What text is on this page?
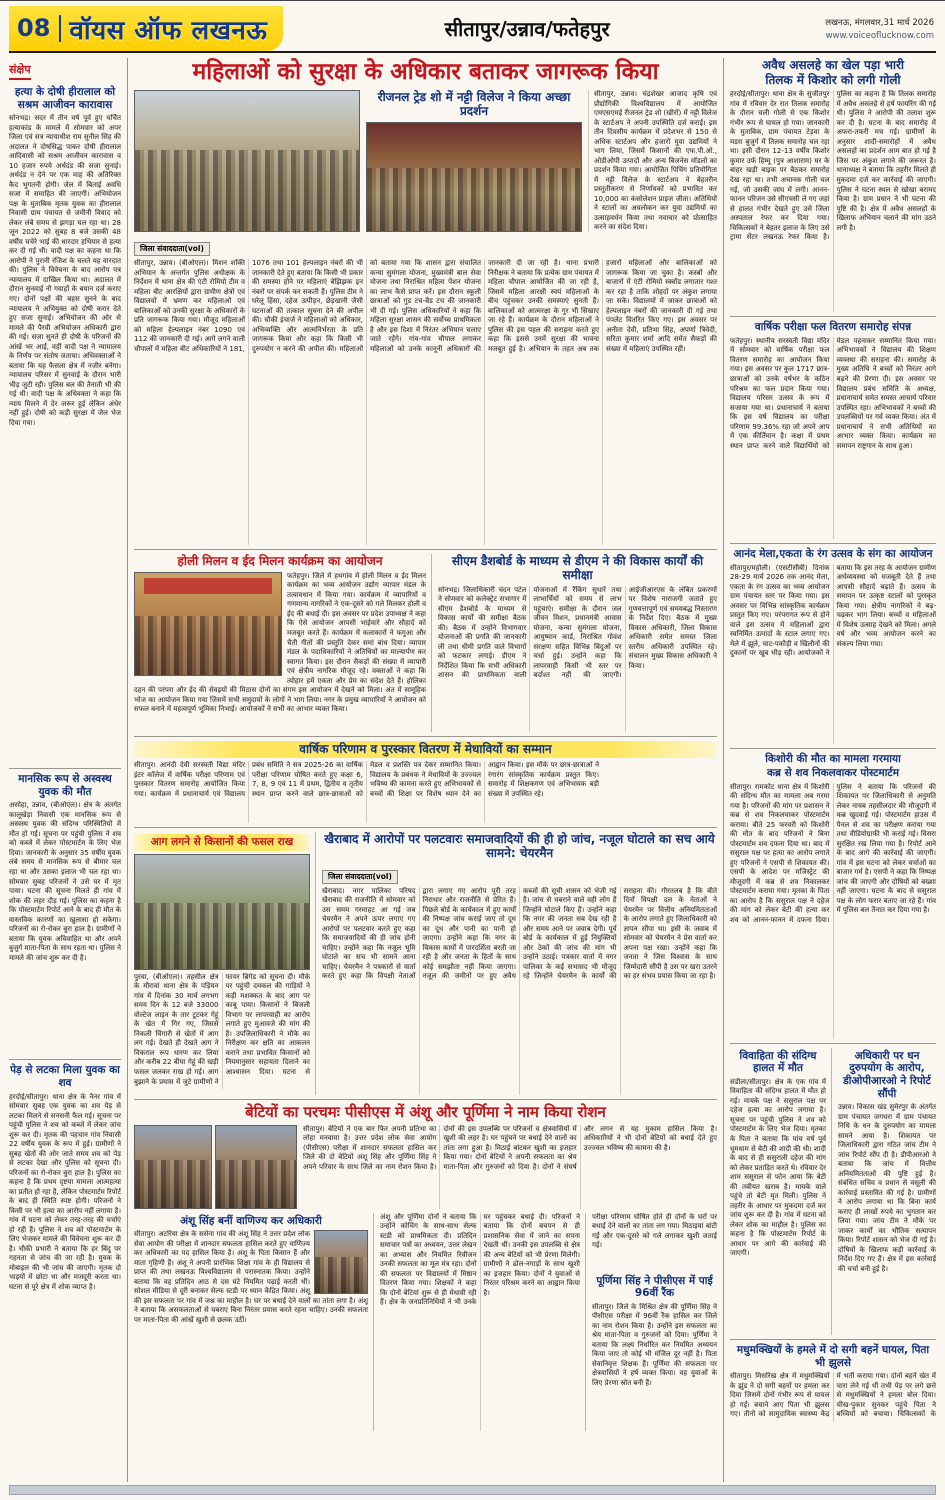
08 वॉयस ऑफ लखनऊ	सीतापुर/उन्नाव/फतेहपुर	लखनऊ, मंगलवार,31 मार्च 2026
www.voiceoflucknow.com
संक्षेप
हत्या के दोषी हीरालाल को सश्रम आजीवन कारावास

सोनभद्र। सदर में तीन वर्ष पूर्व हुए चर्चित हत्याकांड के मामले में सोमवार को अपर जिला एवं सत्र न्यायाधीश राम सुनील सिंह की अदालत ने दोषसिद्ध पाकर दोषी हीरालाल आदिवासी को सश्रम आजीवन कारावास व 10 हजार रुपये अर्थदंड की सजा सुनाई। अर्थदंड न देने पर एक माह की अतिरिक्त कैद भुगतनी होगी। जेल में बिताई अवधि सजा में समाहित की जाएगी। अभियोजन पक्ष के मुताबिक मृतक युवक का हीरालाल निवासी ग्राम पंचायत से जमीनी विवाद को लेकर लंबे समय से झगड़ा चल रहा था। 28 जून 2022 को सुबह 8 बजे उसकी 48 वर्षीय चचेरे भाई की धारदार हथियार से हत्या कर दी गई थी। वादी पक्ष का कहना था कि आरोपी ने पुरानी रंजिश के चलते यह वारदात की। पुलिस ने विवेचना के बाद आरोप पत्र न्यायालय में दाखिल किया था। अदालत में दौरान सुनवाई नौ गवाहों के बयान दर्ज कराए गए। दोनों पक्षों की बहस सुनने के बाद न्यायालय ने अभियुक्त को दोषी करार देते हुए सजा सुनाई। अभियोजन की ओर से मामले की पैरवी अभियोजन अधिकारी द्वारा की गई। सजा सुनते ही दोषी के परिजनों की आंखें भर आईं, वहीं वादी पक्ष ने न्यायालय के निर्णय पर संतोष जताया। अधिवक्ताओं ने बताया कि यह फैसला क्षेत्र में नजीर बनेगा। न्यायालय परिसर में सुनवाई के दौरान भारी भीड़ जुटी रही। पुलिस बल की तैनाती भी की गई थी। वादी पक्ष के अधिवक्ता ने कहा कि न्याय मिलने में देर जरूर हुई लेकिन अंधेर नहीं हुई। दोषी को कड़ी सुरक्षा में जेल भेज दिया गया।

मानसिक रूप से अस्वस्थ युवक की मौत

असोहा, उन्नाव, (बीओएल)। क्षेत्र के अंतर्गत कालूखेड़ा निवासी एक मानसिक रूप से अस्वस्थ युवक की संदिग्ध परिस्थितियों में मौत हो गई। सूचना पर पहुंची पुलिस ने शव को कब्जे में लेकर पोस्टमार्टम के लिए भेज दिया। जानकारी के अनुसार 35 वर्षीय युवक लंबे समय से मानसिक रूप से बीमार चल रहा था और उसका इलाज भी चल रहा था। सोमवार सुबह परिजनों ने उसे घर में मृत पाया। घटना की सूचना मिलते ही गांव में शोक की लहर दौड़ गई। पुलिस का कहना है कि पोस्टमार्टम रिपोर्ट आने के बाद ही मौत के वास्तविक कारणों का खुलासा हो सकेगा। परिजनों का रो-रोकर बुरा हाल है। ग्रामीणों ने बताया कि युवक अविवाहित था और अपने बुजुर्ग माता-पिता के साथ रहता था। पुलिस ने मामले की जांच शुरू कर दी है।

पेड़ से लटका मिला युवक का शव

हरदोई/सीतापुर। थाना क्षेत्र के नैनर गांव में सोमवार सुबह एक युवक का शव पेड़ से लटका मिलने से सनसनी फैल गई। सूचना पर पहुंची पुलिस ने शव को कब्जे में लेकर जांच शुरू कर दी। मृतक की पहचान गांव निवासी 22 वर्षीय युवक के रूप में हुई। ग्रामीणों ने सुबह खेतों की ओर जाते समय शव को पेड़ से लटका देखा और पुलिस को सूचना दी। परिजनों का रो-रोकर बुरा हाल है। पुलिस का कहना है कि प्रथम दृष्टया मामला आत्महत्या का प्रतीत हो रहा है, लेकिन पोस्टमार्टम रिपोर्ट के बाद ही स्थिति स्पष्ट होगी। परिजनों ने किसी पर भी हत्या का आरोप नहीं लगाया है। गांव में घटना को लेकर तरह-तरह की चर्चाएं हो रही हैं। पुलिस ने शव को पोस्टमार्टम के लिए भेजकर मामले की विवेचना शुरू कर दी है। चौकी प्रभारी ने बताया कि हर बिंदु पर गहनता से जांच की जा रही है। युवक के मोबाइल की भी जांच की जाएगी। मृतक दो भाइयों में छोटा था और मजदूरी करता था। घटना से पूरे क्षेत्र में शोक व्याप्त है।

महिलाओं को सुरक्षा के अधिकार बताकर जागरूक किया
रीजनल ट्रेड शो में नट्टी विलेज ने किया अच्छा प्रदर्शन

सीतापुर, उन्नाव। चंद्रशेखर आजाद कृषि एवं प्रौद्योगिकी विश्वविद्यालय में आयोजित एमएसएमई रीजनल ट्रेड शो (खीरों) में नट्टी विलेज के स्टार्टअप ने अपनी उपस्थिति दर्ज कराई। इस तीन दिवसीय कार्यक्रम में प्रदेशभर से 150 से अधिक स्टार्टअप और हजारों युवा उद्यमियों ने भाग लिया, जिसमें किसानों की एफ.पी.ओ., ओडीओपी उत्पादों और अन्य बिजनेस मॉडलों का प्रदर्शन किया गया। आयोजित पिचिंग प्रतियोगिता में नट्टी विलेज के स्टार्टअप ने बेहतरीन प्रस्तुतीकरण से निर्णायकों को प्रभावित कर 10,000 का कंसोलेशन प्राइज जीता। अतिथियों ने स्टालों का अवलोकन कर युवा उद्यमियों का उत्साहवर्धन किया तथा नवाचार को प्रोत्साहित करने का संदेश दिया।

जिला संवाददाता(vol)

सीतापुर, उन्नाव। (बीओएल)। मिशन शक्ति अभियान के अन्तर्गत पुलिस अधीक्षक के निर्देशन में थाना क्षेत्र की एंटी रोमियो टीम व महिला बीट आरक्षियों द्वारा ग्रामीण क्षेत्रों एवं विद्यालयों में भ्रमण कर महिलाओं एवं बालिकाओं को उनकी सुरक्षा के अधिकारों के प्रति जागरूक किया गया। मौजूद महिलाओं को महिला हेल्पलाइन नंबर 1090 एवं 112 की जानकारी दी गई। आगे लगने वाली चौपालों में महिला बीट अधिकारियों ने 181, 1076 तथा 101 हेल्पलाइन नंबरों की भी जानकारी देते हुए बताया कि किसी भी प्रकार की समस्या होने पर महिलाएं बेझिझक इन नंबरों पर संपर्क कर सकती हैं। पुलिस टीम ने घरेलू हिंसा, दहेज उत्पीड़न, छेड़खानी जैसी घटनाओं की तत्काल सूचना देने की अपील की। चौकी इंचार्ज ने महिलाओं को अधिकार, अभिव्यक्ति और आत्मनिर्भरता के प्रति जागरूक किया और कहा कि किसी भी दुरुपयोग न करने की अपील की। महिलाओं को बताया गया कि शासन द्वारा संचालित कन्या सुमंगला योजना, मुख्यमंत्री बाल सेवा योजना तथा निराश्रित महिला पेंशन योजना का लाभ कैसे प्राप्त करें। इस दौरान स्कूली छात्राओं को गुड टच-बैड टच की जानकारी भी दी गई। पुलिस अधिकारियों ने कहा कि महिला सुरक्षा शासन की सर्वोच्च प्राथमिकता है और इस दिशा में निरंतर अभियान चलाए जाते रहेंगे। गांव-गांव चौपाल लगाकर महिलाओं को उनके कानूनी अधिकारों की जानकारी दी जा रही है। थाना प्रभारी निरीक्षक ने बताया कि प्रत्येक ग्राम पंचायत में महिला चौपाल आयोजित की जा रही है, जिसमें महिला आरक्षी स्वयं महिलाओं के बीच पहुंचकर उनकी समस्याएं सुनती हैं। बालिकाओं को आत्मरक्षा के गुर भी सिखाए जा रहे हैं। कार्यक्रम के दौरान महिलाओं ने पुलिस की इस पहल की सराहना करते हुए कहा कि इससे उनमें सुरक्षा की भावना मजबूत हुई है। अभियान के तहत अब तक हजारों महिलाओं और बालिकाओं को जागरूक किया जा चुका है। कस्बों और बाजारों में एंटी रोमियो स्क्वॉड लगातार गश्त कर रहा है ताकि शोहदों पर अंकुश लगाया जा सके। विद्यालयों में जाकर छात्राओं को हेल्पलाइन नंबरों की जानकारी दी गई तथा पंपलेट वितरित किए गए। इस अवसर पर अनीता देवी, प्रतिभा सिंह, अपर्णा त्रिवेदी, सरिता कुमार शर्मा आदि समेत सैकड़ों की संख्या में महिलाएं उपस्थित रहीं।

होली मिलन व ईद मिलन कार्यक्रम का आयोजन
फतेहपुर। जिले में हथगांव में होली मिलन व ईद मिलन कार्यक्रम का भव्य आयोजन उद्योग व्यापार मंडल के तत्वावधान में किया गया। कार्यक्रम में व्यापारियों व गणमान्य नागरिकों ने एक-दूसरे को गले मिलकर होली व ईद की बधाई दी। इस अवसर पर प्रदेश उपाध्यक्ष ने कहा कि ऐसे आयोजन आपसी भाईचारे और सौहार्द को मजबूत करते हैं। कार्यक्रम में कलाकारों ने फगुआ और चैती गीतों की प्रस्तुति देकर समां बांध दिया। व्यापार मंडल के पदाधिकारियों ने अतिथियों का माल्यार्पण कर स्वागत किया। इस दौरान सैकड़ों की संख्या में व्यापारी एवं क्षेत्रीय नागरिक मौजूद रहे। वक्ताओं ने कहा कि त्योहार हमें एकता और प्रेम का संदेश देते हैं। होलिका दहन की परंपरा और ईद की सेवइयों की मिठास दोनों का संगम इस आयोजन में देखने को मिला। अंत में सामूहिक भोज का आयोजन किया गया जिसमें सभी समुदायों के लोगों ने भाग लिया। नगर के प्रमुख व्यापारियों ने आयोजन को सफल बनाने में महत्वपूर्ण भूमिका निभाई। आयोजकों ने सभी का आभार व्यक्त किया।
सीएम डैशबोर्ड के माध्यम से डीएम ने की विकास कार्यों की समीक्षा

सोनभद्र। जिलाधिकारी चंदन पटेल ने सोमवार को कलेक्ट्रेट सभागार में सीएम डैशबोर्ड के माध्यम से विकास कार्यों की समीक्षा बैठक की। बैठक में उन्होंने विभागवार योजनाओं की प्रगति की जानकारी ली तथा धीमी प्रगति वाले विभागों को फटकार लगाई। डीएम ने निर्देशित किया कि सभी अधिकारी शासन की प्राथमिकता वाली योजनाओं में रैंकिंग सुधारें तथा लाभार्थियों को समय से लाभ पहुंचाएं। समीक्षा के दौरान जल जीवन मिशन, प्रधानमंत्री आवास योजना, कन्या सुमंगला योजना, आयुष्मान कार्ड, निराश्रित गोवंश संरक्षण सहित विभिन्न बिंदुओं पर चर्चा हुई। उन्होंने कहा कि लापरवाही किसी भी स्तर पर बर्दाश्त नहीं की जाएगी। आईजीआरएस के लंबित प्रकरणों पर विशेष नाराजगी जताते हुए गुणवत्तापूर्ण एवं समयबद्ध निस्तारण के निर्देश दिए। बैठक में मुख्य विकास अधिकारी, जिला विकास अधिकारी समेत समस्त जिला स्तरीय अधिकारी उपस्थित रहे। संचालन मुख्य विकास अधिकारी ने किया।

वार्षिक परिणाम व पुरस्कार वितरण में मेधावियों का सम्मान

सीतापुर। आनंदी देवी सरस्वती विद्या मंदिर इंटर कॉलेज में वार्षिक परीक्षा परिणाम एवं पुरस्कार वितरण समारोह आयोजित किया गया। कार्यक्रम में प्रधानाचार्य एवं विद्यालय प्रबंध समिति ने सत्र 2025-26 का वार्षिक परीक्षा परिणाम घोषित करते हुए कक्षा 6, 7, 8, 9 एवं 11 में प्रथम, द्वितीय व तृतीय स्थान प्राप्त करने वाले छात्र-छात्राओं को मेडल व प्रशस्ति पत्र देकर सम्मानित किया। विद्यालय के प्रबंधक ने मेधावियों के उज्ज्वल भविष्य की कामना करते हुए अभिभावकों से बच्चों की शिक्षा पर विशेष ध्यान देने का आह्वान किया। इस मौके पर छात्र-छात्राओं ने रंगारंग सांस्कृतिक कार्यक्रम प्रस्तुत किए। समारोह में शिक्षकगण एवं अभिभावक बड़ी संख्या में उपस्थित रहे।

आग लगने से किसानों की फसल राख

पुरवा, (बीओएल)। तहसील क्षेत्र के मौरावां थाना क्षेत्र के पड़ियन गांव में दिनांक 30 मार्च लगभग समय दिन के 12 बजे 33000 वोल्टेज लाइन के तार टूटकर गेहूं के खेत में गिर गए, जिससे निकली चिंगारी से खेतों में आग लग गई। देखते ही देखते आग ने विकराल रूप धारण कर लिया और करीब 22 बीघा गेहूं की खड़ी फसल जलकर राख हो गई। आग बुझाने के प्रयास में जुटे ग्रामीणों ने फायर ब्रिगेड को सूचना दी। मौके पर पहुंची दमकल की गाड़ियों ने कड़ी मशक्कत के बाद आग पर काबू पाया। किसानों ने बिजली विभाग पर लापरवाही का आरोप लगाते हुए मुआवजे की मांग की है। उपजिलाधिकारी ने मौके का निरीक्षण कर क्षति का आकलन कराने तथा प्रभावित किसानों को नियमानुसार सहायता दिलाने का आश्वासन दिया। घटना से

खैराबाद में आरोपों पर पलटवारः समाजवादियों की ही हो जांच, नजूल घोटाले का सच आये सामने: चेयरमैन
जिला संवाददाता(vol)

खैराबाद। नगर पालिका परिषद खैराबाद की राजनीति में सोमवार को उस समय गरमाहट आ गई जब चेयरमैन ने अपने ऊपर लगाए गए आरोपों पर पलटवार करते हुए कहा कि समाजवादियों की ही जांच होनी चाहिए। उन्होंने कहा कि नजूल भूमि घोटाले का सच भी सामने आना चाहिए। चेयरमैन ने पत्रकारों से वार्ता करते हुए कहा कि विपक्षी नेताओं द्वारा लगाए गए आरोप पूरी तरह निराधार और राजनीति से प्रेरित हैं। पिछले बोर्ड के कार्यकाल में हुए कार्यों की निष्पक्ष जांच कराई जाए तो दूध का दूध और पानी का पानी हो जाएगा। उन्होंने कहा कि नगर के विकास कार्यों में पारदर्शिता बरती जा रही है और जनता के हितों के साथ कोई समझौता नहीं किया जाएगा। नजूल की जमीनों पर हुए अवैध कब्जों की सूची शासन को भेजी गई है। जांच से घबराने वाले वही लोग हैं जिन्होंने घोटाले किए हैं। उन्होंने कहा कि नगर की जनता सब देख रही है और समय आने पर जवाब देगी। पूर्व बोर्ड के कार्यकाल में हुई नियुक्तियों और ठेकों की जांच की मांग भी उन्होंने उठाई। पत्रकार वार्ता में नगर पालिका के कई सभासद भी मौजूद रहे जिन्होंने चेयरमैन के कार्यों की सराहना की। गौरतलब है कि बीते दिनों विपक्षी दल के नेताओं ने चेयरमैन पर वित्तीय अनियमितताओं के आरोप लगाते हुए जिलाधिकारी को ज्ञापन सौंपा था। इसी के जवाब में सोमवार को चेयरमैन ने प्रेस वार्ता कर अपना पक्ष रखा। उन्होंने कहा कि जनता ने जिस विश्वास के साथ जिम्मेदारी सौंपी है उस पर खरा उतरने का हर संभव प्रयास किया जा रहा है।

बेटियों का परचमः पीसीएस में अंशू और पूर्णिमा ने नाम किया रोशन

सीतापुर। बेटियों ने एक बार फिर अपनी प्रतिभा का लोहा मनवाया है। उत्तर प्रदेश लोक सेवा आयोग (पीसीएस) परीक्षा में शानदार सफलता हासिल कर जिले की दो बेटियों अंशू सिंह और पूर्णिमा सिंह ने अपने परिवार के साथ जिले का नाम रोशन किया है। दोनों की इस उपलब्धि पर परिजनों व क्षेत्रवासियों में खुशी की लहर है। घर पहुंचने पर बधाई देने वालों का तांता लगा हुआ है। मिठाई बांटकर खुशी का इजहार किया गया। दोनों बेटियों ने अपनी सफलता का श्रेय माता-पिता और गुरुजनों को दिया है। दोनों ने संघर्ष और लगन से यह मुकाम हासिल किया है। अधिकारियों ने भी दोनों बेटियों को बधाई देते हुए उज्ज्वल भविष्य की कामना की है।

अंशू सिंह बनीं वाणिज्य कर अधिकारी
सीतापुर। अटरिया क्षेत्र के ससेना गांव की अंशू सिंह ने उत्तर प्रदेश लोक सेवा आयोग की परीक्षा में शानदार सफलता हासिल करते हुए वाणिज्य कर अधिकारी का पद हासिल किया है। अंशू के पिता किसान हैं और माता गृहिणी हैं। अंशू ने अपनी प्रारंभिक शिक्षा गांव के ही विद्यालय से प्राप्त की तथा लखनऊ विश्वविद्यालय से परास्नातक किया। उन्होंने बताया कि वह प्रतिदिन आठ से दस घंटे नियमित पढ़ाई करती थीं। सोशल मीडिया से दूरी बनाकर सेल्फ स्टडी पर ध्यान केंद्रित किया। अंशू की इस सफलता पर गांव में जश्न का माहौल है। घर पर बधाई देने वालों का तांता लगा है। अंशू ने बताया कि असफलताओं से घबराए बिना निरंतर प्रयास करते रहना चाहिए। उनकी सफलता पर माता-पिता की आंखें खुशी से छलक उठीं।

अंशू और पूर्णिमा दोनों ने बताया कि उन्होंने कोचिंग के साथ-साथ सेल्फ स्टडी को प्राथमिकता दी। प्रतिदिन समाचार पत्रों का अध्ययन, उत्तर लेखन का अभ्यास और नियमित रिवीजन उनकी सफलता का मूल मंत्र रहा। दोनों की सफलता पर विद्यालयों में मिष्ठान वितरण किया गया। शिक्षकों ने कहा कि दोनों बेटियां शुरू से ही मेधावी रही हैं। क्षेत्र के जनप्रतिनिधियों ने भी उनके घर पहुंचकर बधाई दी। परिजनों ने बताया कि दोनों बचपन से ही प्रशासनिक सेवा में जाने का सपना देखती थीं। उनकी इस उपलब्धि से क्षेत्र की अन्य बेटियों को भी प्रेरणा मिलेगी। ग्रामीणों ने ढोल-नगाड़ों के साथ खुशी का इजहार किया। दोनों ने युवाओं से निरंतर परिश्रम करने का आह्वान किया है।

परीक्षा परिणाम घोषित होते ही दोनों के घरों पर बधाई देने वालों का तांता लग गया। मिठाइयां बांटी गईं और एक-दूसरे को गले लगाकर खुशी जताई गई।

पूर्णिमा सिंह ने पीसीएस में पाई 96वीं रैंक

सीतापुर। जिले के मिश्रित क्षेत्र की पूर्णिमा सिंह ने पीसीएस परीक्षा में 96वीं रैंक हासिल कर जिले का नाम रोशन किया है। उन्होंने इस सफलता का श्रेय माता-पिता व गुरुजनों को दिया। पूर्णिमा ने बताया कि लक्ष्य निर्धारित कर नियमित अध्ययन किया जाए तो कोई भी मंजिल दूर नहीं है। पिता सेवानिवृत्त शिक्षक हैं। पूर्णिमा की सफलता पर क्षेत्रवासियों ने हर्ष व्यक्त किया। वह युवाओं के लिए प्रेरणा स्रोत बनी हैं।

अवैध असलहे का खेल पड़ा भारी
तिलक में किशोर को लगी गोली

हरदोई/सीतापुर। थाना क्षेत्र के सुजीतपुर गांव में रविवार देर रात तिलक समारोह के दौरान चली गोली से एक किशोर गंभीर रूप से घायल हो गया। जानकारी के मुताबिक, ग्राम पंचायत टेड़वा के मडरा बुजुर्ग में तिलक समारोह चल रहा था। इसी दौरान 12-13 वर्षीय किशोर कुमार उर्फ हिम्मू (पुत्र आशाराम) घर के बाहर खड़ी बाइक पर बैठकर समारोह देख रहा था। तभी अचानक गोली चल गई, जो उसकी जांघ में लगी। आनन-फानन परिजन उसे सीएचसी ले गए जहां से हालत गंभीर देखते हुए उसे जिला अस्पताल रेफर कर दिया गया। चिकित्सकों ने बेहतर इलाज के लिए उसे ट्रामा सेंटर लखनऊ रेफर किया है। पुलिस का कहना है कि तिलक समारोह में अवैध असलहे से हर्ष फायरिंग की गई थी। पुलिस ने आरोपी की तलाश शुरू कर दी है। घटना के बाद समारोह में अफरा-तफरी मच गई। ग्रामीणों के अनुसार शादी-समारोहों में अवैध असलहों का प्रदर्शन आम बात हो गई है जिस पर अंकुश लगाने की जरूरत है। थानाध्यक्ष ने बताया कि तहरीर मिलते ही मुकदमा दर्ज कर कार्रवाई की जाएगी। पुलिस ने घटना स्थल से खोखा बरामद किया है। ग्राम प्रधान ने भी घटना की पुष्टि की है। क्षेत्र में अवैध असलहों के खिलाफ अभियान चलाने की मांग उठने लगी है।

वार्षिक परीक्षा फल वितरण समारोह संपन्न

फतेहपुर। स्थानीय सरस्वती विद्या मंदिर में सोमवार को वार्षिक परीक्षा फल वितरण समारोह का आयोजन किया गया। इस अवसर पर कुल 1717 छात्र-छात्राओं को उनके वर्षभर के कठिन परिश्रम का फल प्रदान किया गया। विद्यालय परिसर उत्सव के रूप में सजाया गया था। प्रधानाचार्य ने बताया कि इस वर्ष विद्यालय का परीक्षा परिणाम 99.36% रहा जो अपने आप में एक कीर्तिमान है। कक्षा में प्रथम स्थान प्राप्त करने वाले विद्यार्थियों को मेडल पहनाकर सम्मानित किया गया। अभिभावकों ने विद्यालय की शिक्षण व्यवस्था की सराहना की। समारोह के मुख्य अतिथि ने बच्चों को निरंतर आगे बढ़ने की प्रेरणा दी। इस अवसर पर विद्यालय प्रबंध समिति के अध्यक्ष, प्रधानाचार्य समेत समस्त आचार्य परिवार उपस्थित रहा। अभिभावकों ने बच्चों की उपलब्धियों पर गर्व व्यक्त किया। अंत में प्रधानाचार्य ने सभी अतिथियों का आभार व्यक्त किया। कार्यक्रम का समापन राष्ट्रगान के साथ हुआ।

आनंद मेला,एकता के रंग उत्सव के संग का आयोजन

सीतापुर/महोली। (एसटीसीबी) दिनांक 28-29 मार्च 2026 तक आनंद मेला, एकता के रंग उत्सव का भव्य आयोजन ग्राम पंचायत स्तर पर किया गया। इस अवसर पर विभिन्न सांस्कृतिक कार्यक्रम प्रस्तुत किए गए। परंपरागत रूप से होने वाले इस उत्सव में महिलाओं द्वारा स्वनिर्मित उत्पादों के स्टाल लगाए गए। मेले में झूले, चाट-पकौड़ी व खिलौनों की दुकानों पर खूब भीड़ रही। आयोजकों ने बताया कि इस तरह के आयोजन ग्रामीण अर्थव्यवस्था को मजबूती देते हैं तथा आपसी सौहार्द बढ़ाते हैं। उत्सव के समापन पर उत्कृष्ट स्टालों को पुरस्कृत किया गया। क्षेत्रीय नागरिकों ने बढ़-चढ़कर भाग लिया। बच्चों व महिलाओं में विशेष उत्साह देखने को मिला। अगले वर्ष और भव्य आयोजन करने का संकल्प लिया गया।

किशोरी की मौत का मामला गरमाया
कब्र से शव निकलवाकर पोस्टमार्टम

सीतापुर। रामकोट थाना क्षेत्र में किशोरी की संदिग्ध मौत का मामला अब गरमा गया है। परिजनों की मांग पर प्रशासन ने कब्र से शव निकलवाकर पोस्टमार्टम कराया। बीते 25 फरवरी को किशोरी की मौत के बाद परिजनों ने बिना पोस्टमार्टम शव दफना दिया था। बाद में ससुराल पक्ष पर हत्या का आरोप लगाते हुए परिजनों ने एसपी से शिकायत की। एसपी के आदेश पर मजिस्ट्रेट की मौजूदगी में कब्र से शव निकालकर पोस्टमार्टम कराया गया। मृतका के पिता का आरोप है कि ससुराल पक्ष ने दहेज की मांग को लेकर बेटी की हत्या कर शव को आनन-फानन में दफना दिया। पुलिस ने बताया कि परिजनों की शिकायत पर जिलाधिकारी से अनुमति लेकर नायब तहसीलदार की मौजूदगी में कब्र खुदवाई गई। पोस्टमार्टम हाउस में पैनल से शव का परीक्षण कराया गया तथा वीडियोग्राफी भी कराई गई। विसरा सुरक्षित रख लिया गया है। रिपोर्ट आने के बाद आगे की कार्रवाई की जाएगी। गांव में इस घटना को लेकर चर्चाओं का बाजार गर्म है। एसपी ने कहा कि निष्पक्ष जांच की जाएगी और दोषियों को बख्शा नहीं जाएगा। घटना के बाद से ससुराल पक्ष के लोग फरार बताए जा रहे हैं। गांव में पुलिस बल तैनात कर दिया गया है।

विवाहिता की संदिग्ध हालत में मौत

संडीला/सीतापुर। क्षेत्र के एक गांव में विवाहिता की संदिग्ध हालत में मौत हो गई। मायके पक्ष ने ससुराल पक्ष पर दहेज हत्या का आरोप लगाया है। सूचना पर पहुंची पुलिस ने शव को पोस्टमार्टम के लिए भेज दिया। मृतका के पिता ने बताया कि पांच वर्ष पूर्व धूमधाम से बेटी की शादी की थी। शादी के बाद से ही ससुराली दहेज की मांग को लेकर प्रताड़ित करते थे। रविवार देर शाम ससुराल से फोन आया कि बेटी की तबीयत खराब है। मायके वाले पहुंचे तो बेटी मृत मिली। पुलिस ने तहरीर के आधार पर मुकदमा दर्ज कर जांच शुरू कर दी है। गांव में घटना को लेकर शोक का माहौल है। पुलिस का कहना है कि पोस्टमार्टम रिपोर्ट के आधार पर आगे की कार्रवाई की जाएगी।

अधिकारी पर धन दुरुपयोग के आरोप, डीओपीआरओ ने रिपोर्ट सौंपी

उन्नाव। विकास खंड सुमेरपुर के अंतर्गत ग्राम पंचायत जगधरा में ग्राम पंचायत निधि के धन के दुरुपयोग का मामला सामने आया है। शिकायत पर जिलाधिकारी द्वारा गठित जांच टीम ने जांच रिपोर्ट सौंप दी है। डीपीआरओ ने बताया कि जांच में वित्तीय अनियमितताओं की पुष्टि हुई है। संबंधित सचिव व प्रधान से वसूली की कार्रवाई प्रस्तावित की गई है। ग्रामीणों ने आरोप लगाया था कि बिना कार्य कराए ही लाखों रुपये का भुगतान कर लिया गया। जांच टीम ने मौके पर जाकर कार्यों का भौतिक सत्यापन किया। रिपोर्ट शासन को भेज दी गई है। दोषियों के खिलाफ कड़ी कार्रवाई के निर्देश दिए गए हैं। क्षेत्र में इस कार्रवाई की चर्चा बनी हुई है।

मधुमक्खियों के हमले में दो सगी बहनें घायल, पिता भी झुलसे

सीतापुर। मिसरिख क्षेत्र में मधुमक्खियों के झुंड ने दो सगी बहनों पर हमला कर दिया जिसमें दोनों गंभीर रूप से घायल हो गईं। बचाने आए पिता भी झुलस गए। तीनों को सामुदायिक स्वास्थ्य केंद्र में भर्ती कराया गया। दोनों बहनें खेत में चारा लेने गई थीं तभी पेड़ पर लगे छत्ते से मधुमक्खियों ने हमला बोल दिया। चीख-पुकार सुनकर पहुंचे पिता ने बच्चियों को बचाया। चिकित्सकों के
